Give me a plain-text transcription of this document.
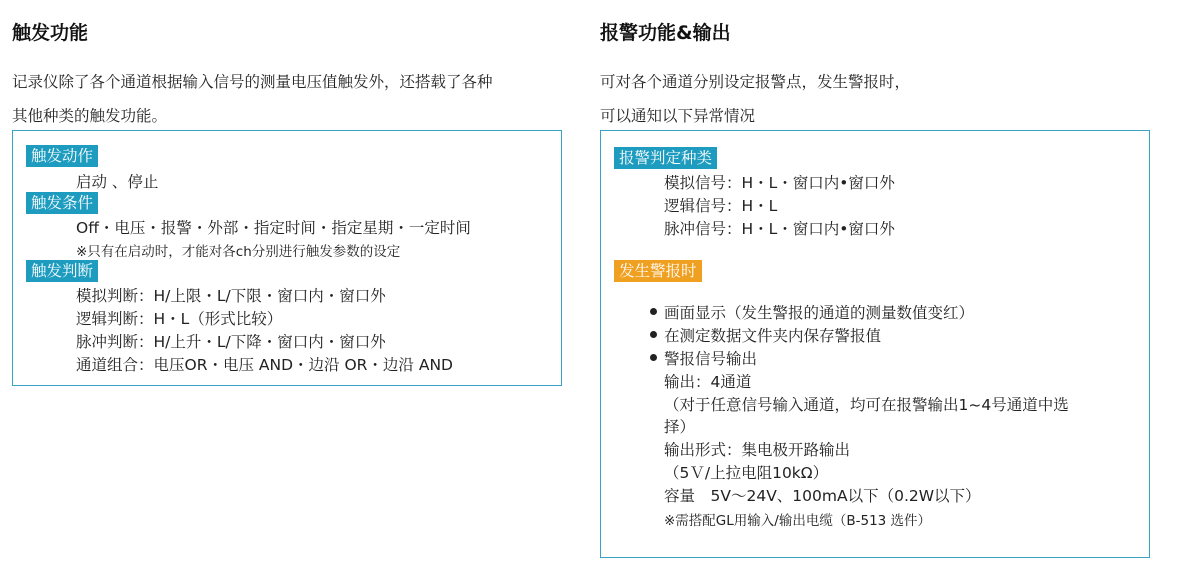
触发功能
记录仪除了各个通道根据输入信号的测量电压值触发外，还搭载了各种
其他种类的触发功能。
触发动作
启动 、停止
触发条件
Off・电压・报警・外部・指定时间・指定星期・一定时间
※只有在启动时，才能对各ch分别进行触发参数的设定
触发判断
模拟判断：H/上限・L/下限・窗口内・窗口外
逻辑判断：H・L（形式比较）
脉冲判断：H/上升・L/下降・窗口内・窗口外
通道组合：电压OR・电压 AND・边沿 OR・边沿 AND
报警功能&输出
可对各个通道分别设定报警点，发生警报时，
可以通知以下异常情况
报警判定种类
模拟信号：H・L・窗口内•窗口外
逻辑信号：H・L
脉冲信号：H・L・窗口内•窗口外
发生警报时
画面显示（发生警报的通道的测量数值变红）
在测定数据文件夹内保存警报值
警报信号输出
输出：4通道
（对于任意信号输入通道，均可在报警输出1~4号通道中选
择）
输出形式：集电极开路输出
（5Ｖ/上拉电阻10kΩ）
容量　5V～24V、100mA以下（0.2W以下）
※需搭配GL用输入/输出电缆（B-513 选件）
